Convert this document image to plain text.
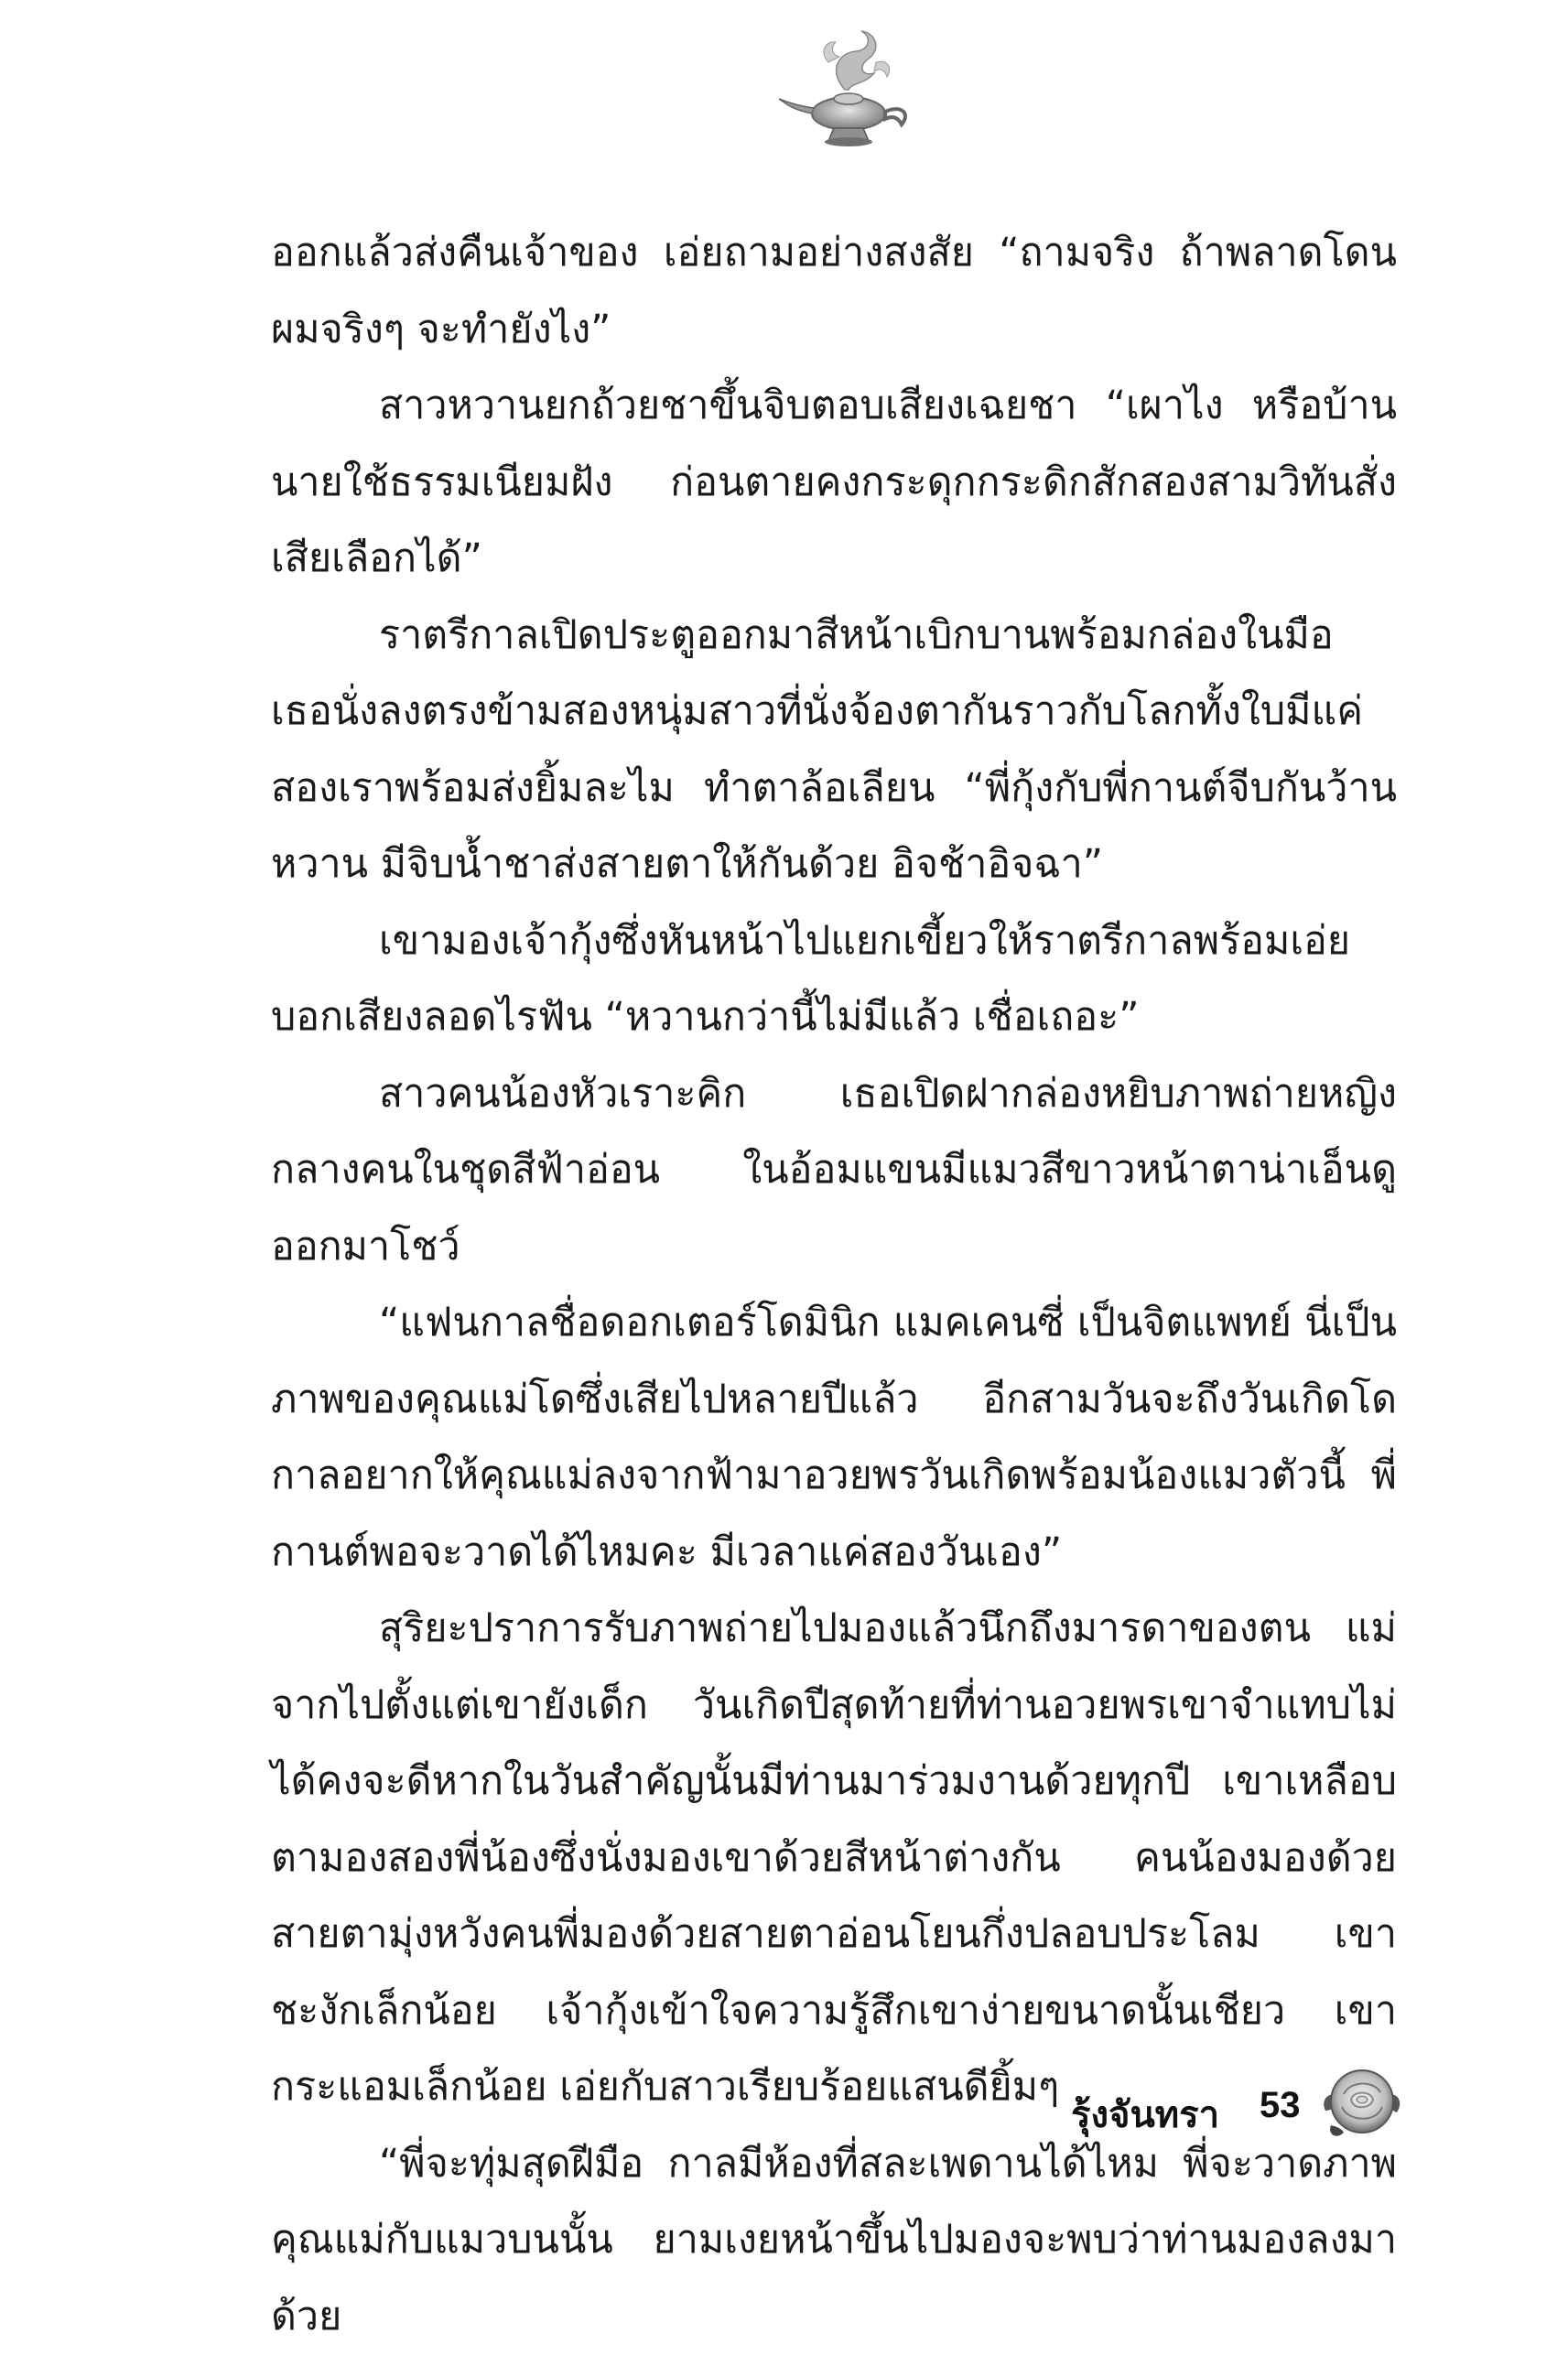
ออกแล้วส่งคืนเจ้าของ เอ่ยถามอย่างสงสัย “ถามจริง ถ้าพลาดโดนผมจริงๆ จะทำยังไง”

สาวหวานยกถ้วยชาขึ้นจิบตอบเสียงเฉยชา “เผาไง หรือบ้านนายใช้ธรรมเนียมฝัง ก่อนตายคงกระดุกกระดิกสักสองสามวิทันสั่งเสียเลือกได้”

ราตรีกาลเปิดประตูออกมาสีหน้าเบิกบานพร้อมกล่องในมือ เธอนั่งลงตรงข้ามสองหนุ่มสาวที่นั่งจ้องตากันราวกับโลกทั้งใบมีแค่สองเราพร้อมส่งยิ้มละไม ทำตาล้อเลียน “พี่กุ้งกับพี่กานต์จีบกันว้านหวาน มีจิบน้ำชาส่งสายตาให้กันด้วย อิจช้าอิจฉา”

เขามองเจ้ากุ้งซึ่งหันหน้าไปแยกเขี้ยวให้ราตรีกาลพร้อมเอ่ยบอกเสียงลอดไรฟัน “หวานกว่านี้ไม่มีแล้ว เชื่อเถอะ”

สาวคนน้องหัวเราะคิก เธอเปิดฝากล่องหยิบภาพถ่ายหญิงกลางคนในชุดสีฟ้าอ่อน ในอ้อมแขนมีแมวสีขาวหน้าตาน่าเอ็นดูออกมาโชว์

“แฟนกาลชื่อดอกเตอร์โดมินิก แมคเคนซี่ เป็นจิตแพทย์ นี่เป็นภาพของคุณแม่โดซึ่งเสียไปหลายปีแล้ว อีกสามวันจะถึงวันเกิดโด กาลอยากให้คุณแม่ลงจากฟ้ามาอวยพรวันเกิดพร้อมน้องแมวตัวนี้ พี่กานต์พอจะวาดได้ไหมคะ มีเวลาแค่สองวันเอง”

สุริยะปราการรับภาพถ่ายไปมองแล้วนึกถึงมารดาของตน แม่จากไปตั้งแต่เขายังเด็ก วันเกิดปีสุดท้ายที่ท่านอวยพรเขาจำแทบไม่ได้คงจะดีหากในวันสำคัญนั้นมีท่านมาร่วมงานด้วยทุกปี เขาเหลือบตามองสองพี่น้องซึ่งนั่งมองเขาด้วยสีหน้าต่างกัน คนน้องมองด้วยสายตามุ่งหวังคนพี่มองด้วยสายตาอ่อนโยนกึ่งปลอบประโลม เขาชะงักเล็กน้อย เจ้ากุ้งเข้าใจความรู้สึกเขาง่ายขนาดนั้นเชียว เขากระแอมเล็กน้อย เอ่ยกับสาวเรียบร้อยแสนดียิ้มๆ

“พี่จะทุ่มสุดฝีมือ กาลมีห้องที่สละเพดานได้ไหม พี่จะวาดภาพคุณแม่กับแมวบนนั้น ยามเงยหน้าขึ้นไปมองจะพบว่าท่านมองลงมาด้วย

รุ้งจันทรา 53
